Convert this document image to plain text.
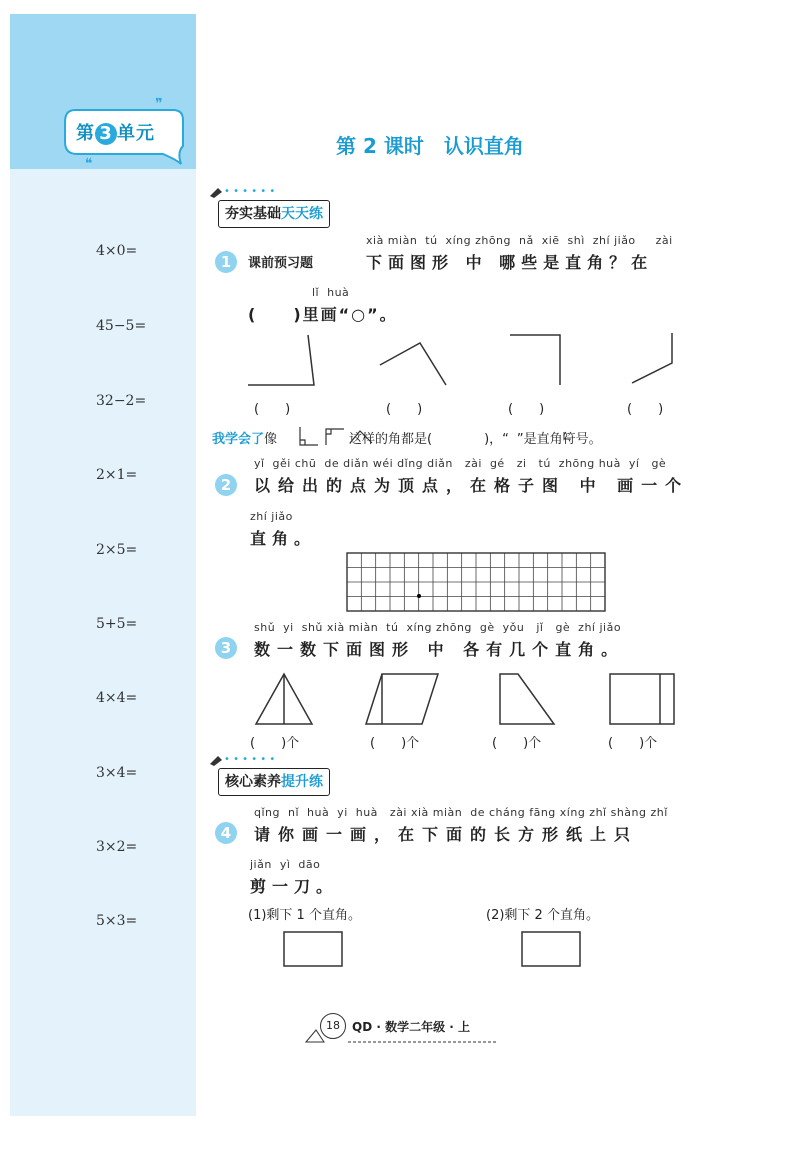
❞
❝
第 3 单元
4×0=
45−5=
32−2=
2×1=
2×5=
5+5=
4×4=
3×4=
3×2=
5×3=
第 2 课时　认识直角
• • • • • •
夯实基础天天练
1	课前预习题
xià miàn  tú  xíng zhōng  nǎ  xiē  shì  zhí jiǎo     zài
下面图形 中 哪些是直角？在
lǐ  huà
(　　)里画“○”。
(　　)	(　　)	(　　)	(　　)
我学会了像	这样的角都是(　　　　)，“ ”是直角符号。
2
yǐ  gěi chū  de diǎn wéi dǐng diǎn   zài  gé   zi   tú  zhōng huà  yí   gè
以给出的点为顶点，在格子图 中 画一个
zhí jiǎo
直角。
3
shǔ  yi  shǔ xià miàn  tú  xíng zhōng  gè  yǒu   jǐ   gè  zhí jiǎo
数一数下面图形 中 各有几个直角。
(　　)个	(　　)个	(　　)个	(　　)个
• • • • • •
核心素养提升练
4
qǐng  nǐ  huà  yi  huà   zài xià miàn  de cháng fāng xíng zhǐ shàng zhǐ
请你画一画，在下面的长方形纸上只
jiǎn  yì  dāo
剪一刀。
(1)剩下 1 个直角。	(2)剩下 2 个直角。
18	QD · 数学二年级 · 上
